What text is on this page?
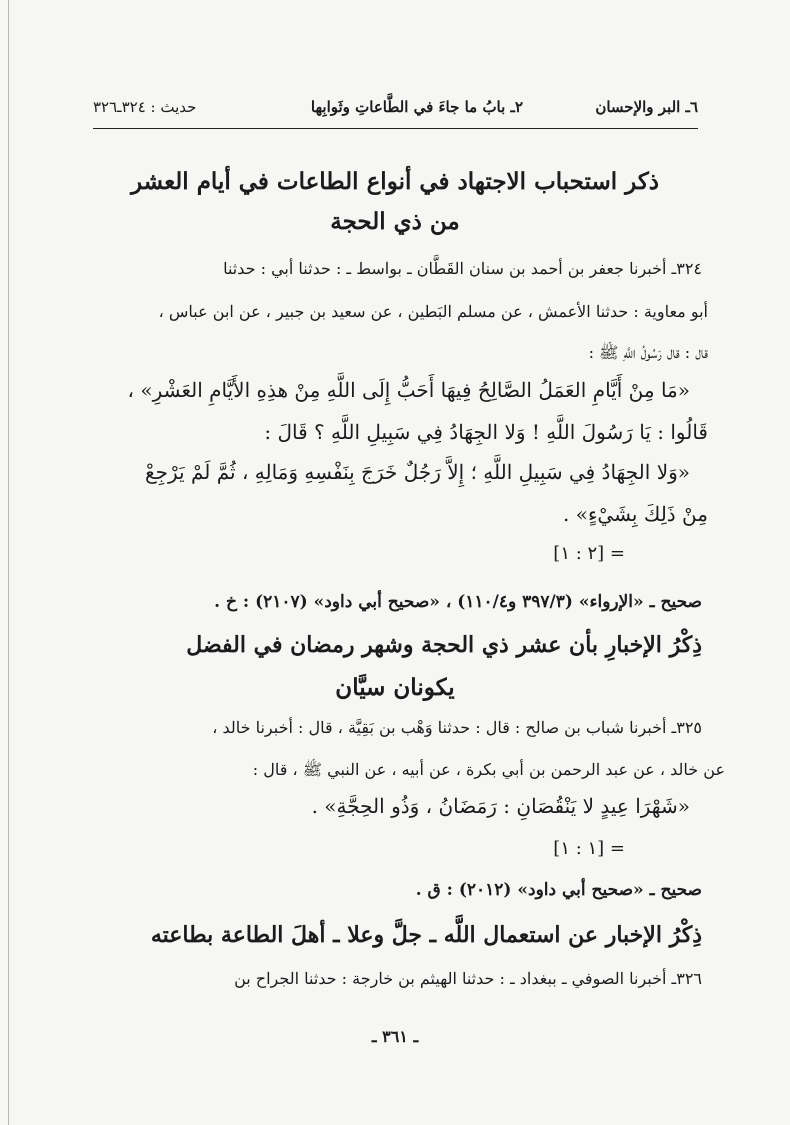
٦ـ البر والإحسان
٢ـ بابُ ما جاءَ في الطَّاعاتِ وثَوابِها
حديث : ٣٢٤ـ٣٢٦
ذكر استحباب الاجتهاد في أنواع الطاعات في أيام العشر
من ذي الحجة
٣٢٤ـ أخبرنا جعفر بن أحمد بن سنان القَطَّان ـ بواسط ـ : حدثنا أبي : حدثنا
أبو معاوية : حدثنا الأعمش ، عن مسلم البَطين ، عن سعيد بن جبير ، عن ابن عباس ،
قال : قال رَسُولُ اللَّهِ ﷺ :
«مَا مِنْ أَيَّامِ العَمَلُ الصَّالِحُ فِيهَا أَحَبُّ إِلَى اللَّهِ مِنْ هذِهِ الأَيَّامِ العَشْرِ» ،
قَالُوا : يَا رَسُولَ اللَّهِ ! وَلا الجِهَادُ فِي سَبِيلِ اللَّهِ ؟ قَالَ :
«وَلا الجِهَادُ فِي سَبِيلِ اللَّهِ ؛ إِلاَّ رَجُلٌ خَرَجَ بِنَفْسِهِ وَمَالِهِ ، ثُمَّ لَمْ يَرْجِعْ
مِنْ ذَلِكَ بِشَيْءٍ» .
= [٢ : ١]
صحيح ـ «الإرواء» (٣٩٧/٣ و١١٠/٤) ، «صحيح أبي داود» (٢١٠٧) : خ .
ذِكْرُ الإخبارِ بأن عشر ذي الحجة وشهر رمضان في الفضل
يكونان سيَّان
٣٢٥ـ أخبرنا شباب بن صالح : قال : حدثنا وَهْب بن بَقِيَّة ، قال : أخبرنا خالد ،
عن خالد ، عن عبد الرحمن بن أبي بكرة ، عن أبيه ، عن النبي ﷺ ، قال :
«شَهْرَا عِيدٍ لا يَنْقُصَانِ : رَمَضَانُ ، وَذُو الحِجَّةِ» .
= [١ : ١]
صحيح ـ «صحيح أبي داود» (٢٠١٢) : ق .
ذِكْرُ الإخبار عن استعمال اللَّه ـ جلَّ وعلا ـ أهلَ الطاعة بطاعته
٣٢٦ـ أخبرنا الصوفي ـ ببغداد ـ : حدثنا الهيثم بن خارجة : حدثنا الجراح بن
ـ ٣٦١ ـ
